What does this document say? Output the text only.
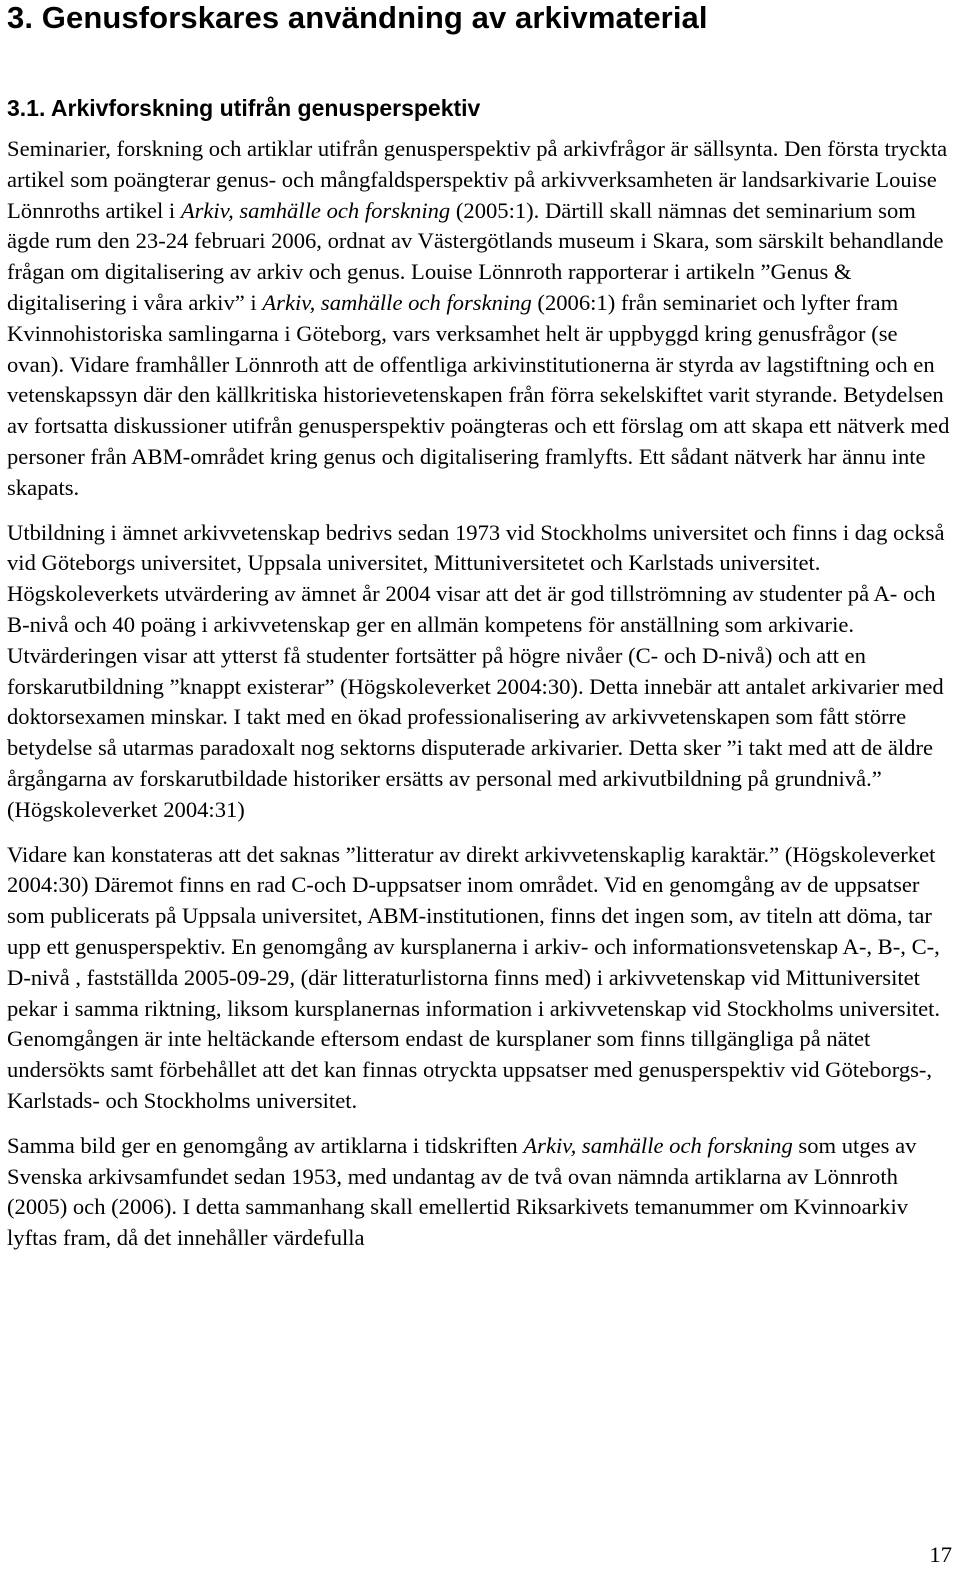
3. Genusforskares användning av arkivmaterial
3.1. Arkivforskning utifrån genusperspektiv

Seminarier, forskning och artiklar utifrån genusperspektiv på arkivfrågor är sällsynta. Den första tryckta artikel som poängterar genus- och mångfaldsperspektiv på arkivverksamheten är landsarkivarie Louise Lönnroths artikel i Arkiv, samhälle och forskning (2005:1). Därtill skall nämnas det seminarium som ägde rum den 23-24 februari 2006, ordnat av Västergötlands museum i Skara, som särskilt behandlande frågan om digitalisering av arkiv och genus. Louise Lönnroth rapporterar i artikeln ”Genus & digitalisering i våra arkiv” i Arkiv, samhälle och forskning (2006:1) från seminariet och lyfter fram Kvinnohistoriska samlingarna i Göteborg, vars verksamhet helt är uppbyggd kring genusfrågor (se ovan). Vidare framhåller Lönnroth att de offentliga arkivinstitutionerna är styrda av lagstiftning och en vetenskapssyn där den källkritiska historievetenskapen från förra sekelskiftet varit styrande. Betydelsen av fortsatta diskussioner utifrån genusperspektiv poängteras och ett förslag om att skapa ett nätverk med personer från ABM-området kring genus och digitalisering framlyfts. Ett sådant nätverk har ännu inte skapats.

Utbildning i ämnet arkivvetenskap bedrivs sedan 1973 vid Stockholms universitet och finns i dag också vid Göteborgs universitet, Uppsala universitet, Mittuniversitetet och Karlstads universitet. Högskoleverkets utvärdering av ämnet år 2004 visar att det är god tillströmning av studenter på A- och B-nivå och 40 poäng i arkivvetenskap ger en allmän kompetens för anställning som arkivarie. Utvärderingen visar att ytterst få studenter fortsätter på högre nivåer (C- och D-nivå) och att en forskarutbildning ”knappt existerar” (Högskoleverket 2004:30). Detta innebär att antalet arkivarier med doktorsexamen minskar. I takt med en ökad professionalisering av arkivvetenskapen som fått större betydelse så utarmas paradoxalt nog sektorns disputerade arkivarier. Detta sker ”i takt med att de äldre årgångarna av forskarutbildade historiker ersätts av personal med arkivutbildning på grundnivå.” (Högskoleverket 2004:31)

Vidare kan konstateras att det saknas ”litteratur av direkt arkivvetenskaplig karaktär.” (Högskoleverket 2004:30) Däremot finns en rad C-och D-uppsatser inom området. Vid en genomgång av de uppsatser som publicerats på Uppsala universitet, ABM-institutionen, finns det ingen som, av titeln att döma, tar upp ett genusperspektiv. En genomgång av kursplanerna i arkiv- och informationsvetenskap A-, B-, C-, D-nivå , fastställda 2005-09-29, (där litteraturlistorna finns med) i arkivvetenskap vid Mittuniversitet pekar i samma riktning, liksom kursplanernas information i arkivvetenskap vid Stockholms universitet. Genomgången är inte heltäckande eftersom endast de kursplaner som finns tillgängliga på nätet undersökts samt förbehållet att det kan finnas otryckta uppsatser med genusperspektiv vid Göteborgs-, Karlstads- och Stockholms universitet.

Samma bild ger en genomgång av artiklarna i tidskriften Arkiv, samhälle och forskning som utges av Svenska arkivsamfundet sedan 1953, med undantag av de två ovan nämnda artiklarna av Lönnroth (2005) och (2006). I detta sammanhang skall emellertid Riksarkivets temanummer om Kvinnoarkiv lyftas fram, då det innehåller värdefulla

17
